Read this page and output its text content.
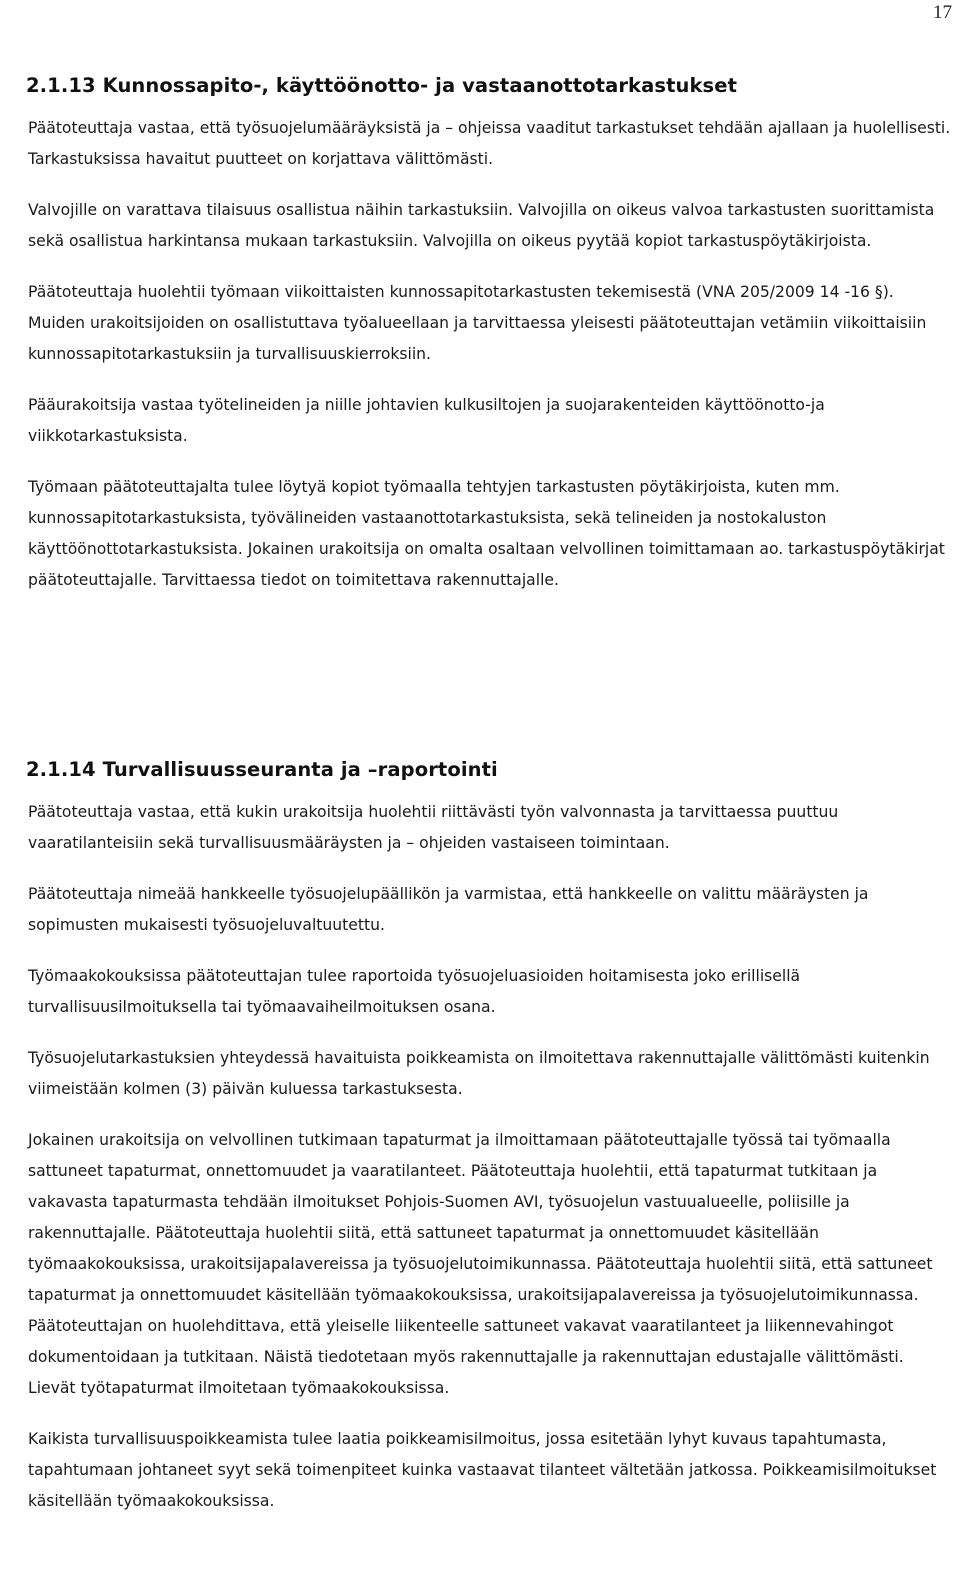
17
2.1.13 Kunnossapito-, käyttöönotto- ja vastaanottotarkastukset

Päätoteuttaja vastaa, että työsuojelumääräyksistä ja – ohjeissa vaaditut tarkastukset tehdään ajallaan ja huolellisesti. Tarkastuksissa havaitut puutteet on korjattava välittömästi.

Valvojille on varattava tilaisuus osallistua näihin tarkastuksiin. Valvojilla on oikeus valvoa tarkastusten suorittamista sekä osallistua harkintansa mukaan tarkastuksiin. Valvojilla on oikeus pyytää kopiot tarkastuspöytäkirjoista.

Päätoteuttaja huolehtii työmaan viikoittaisten kunnossapitotarkastusten tekemisestä (VNA 205/2009 14 -16 §). Muiden urakoitsijoiden on osallistuttava työalueellaan ja tarvittaessa yleisesti päätoteuttajan vetämiin viikoittaisiin kunnossapitotarkastuksiin ja turvallisuuskierroksiin.

Pääurakoitsija vastaa työtelineiden ja niille johtavien kulkusiltojen ja suojarakenteiden käyttöönotto-ja viikkotarkastuksista.

Työmaan päätoteuttajalta tulee löytyä kopiot työmaalla tehtyjen tarkastusten pöytäkirjoista, kuten mm. kunnossapitotarkastuksista, työvälineiden vastaanottotarkastuksista, sekä telineiden ja nostokaluston käyttöönottotarkastuksista. Jokainen urakoitsija on omalta osaltaan velvollinen toimittamaan ao. tarkastuspöytäkirjat päätoteuttajalle. Tarvittaessa tiedot on toimitettava rakennuttajalle.

2.1.14 Turvallisuusseuranta ja –raportointi

Päätoteuttaja vastaa, että kukin urakoitsija huolehtii riittävästi työn valvonnasta ja tarvittaessa puuttuu vaaratilanteisiin sekä turvallisuusmääräysten ja – ohjeiden vastaiseen toimintaan.

Päätoteuttaja nimeää hankkeelle työsuojelupäällikön ja varmistaa, että hankkeelle on valittu määräysten ja sopimusten mukaisesti työsuojeluvaltuutettu.

Työmaakokouksissa päätoteuttajan tulee raportoida työsuojeluasioiden hoitamisesta joko erillisellä turvallisuusilmoituksella tai työmaavaiheilmoituksen osana.

Työsuojelutarkastuksien yhteydessä havaituista poikkeamista on ilmoitettava rakennuttajalle välittömästi kuitenkin viimeistään kolmen (3) päivän kuluessa tarkastuksesta.

Jokainen urakoitsija on velvollinen tutkimaan tapaturmat ja ilmoittamaan päätoteuttajalle työssä tai työmaalla sattuneet tapaturmat, onnettomuudet ja vaaratilanteet. Päätoteuttaja huolehtii, että tapaturmat tutkitaan ja vakavasta tapaturmasta tehdään ilmoitukset Pohjois-Suomen AVI, työsuojelun vastuualueelle, poliisille ja rakennuttajalle. Päätoteuttaja huolehtii siitä, että sattuneet tapaturmat ja onnettomuudet käsitellään työmaakokouksissa, urakoitsijapalavereissa ja työsuojelutoimikunnassa. Päätoteuttaja huolehtii siitä, että sattuneet tapaturmat ja onnettomuudet käsitellään työmaakokouksissa, urakoitsijapalavereissa ja työsuojelutoimikunnassa. Päätoteuttajan on huolehdittava, että yleiselle liikenteelle sattuneet vakavat vaaratilanteet ja liikennevahingot dokumentoidaan ja tutkitaan. Näistä tiedotetaan myös rakennuttajalle ja rakennuttajan edustajalle välittömästi. Lievät työtapaturmat ilmoitetaan työmaakokouksissa.

Kaikista turvallisuuspoikkeamista tulee laatia poikkeamisilmoitus, jossa esitetään lyhyt kuvaus tapahtumasta, tapahtumaan johtaneet syyt sekä toimenpiteet kuinka vastaavat tilanteet vältetään jatkossa. Poikkeamisilmoitukset käsitellään työmaakokouksissa.
